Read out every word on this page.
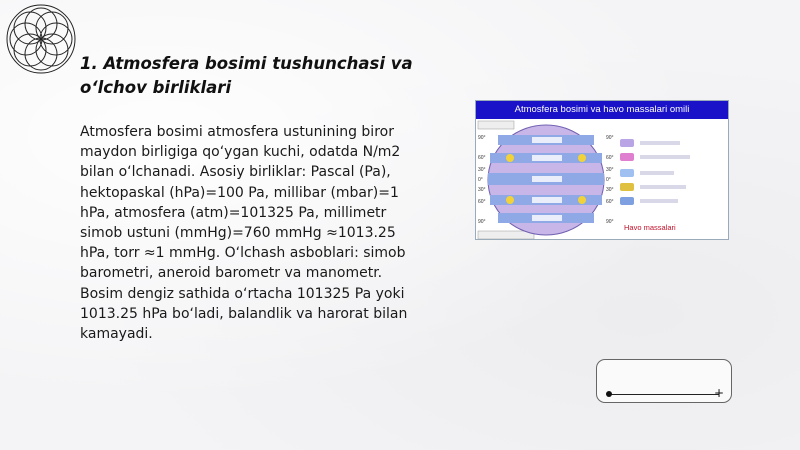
1. Atmosfera bosimi tushunchasi va o‘lchov birliklari
Atmosfera bosimi atmosfera ustunining biror maydon birligiga qo‘ygan kuchi, odatda N/m2 bilan o‘lchanadi. Asosiy birliklar: Pascal (Pa), hektopaskal (hPa)=100 Pa, millibar (mbar)=1 hPa, atmosfera (atm)=101325 Pa, millimetr simob ustuni (mmHg)=760 mmHg ≈1013.25 hPa, torr ≈1 mmHg. O‘lchash asboblari: simob barometri, aneroid barometr va manometr. Bosim dengiz sathida o‘rtacha 101325 Pa yoki 1013.25 hPa bo‘ladi, balandlik va harorat bilan kamayadi.
Atmosfera bosimi va havo massalari omili
90°
60°
30°
0°
30°
60°
90°
90°
60°
30°
0°
30°
60°
90°
Havo massalari
+
